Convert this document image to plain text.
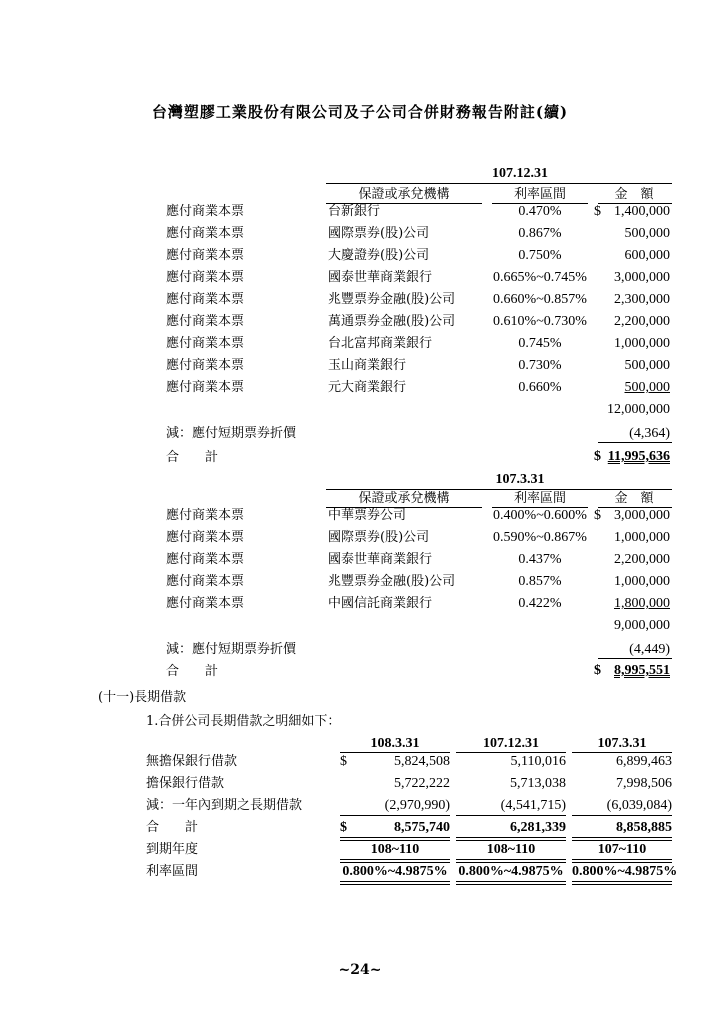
台灣塑膠工業股份有限公司及子公司合併財務報告附註(續)
107.12.31
保證或承兌機構	利率區間	金　額
應付商業本票	台新銀行	0.470%	$ 1,400,000
應付商業本票	國際票券(股)公司	0.867%	500,000
應付商業本票	大慶證券(股)公司	0.750%	600,000
應付商業本票	國泰世華商業銀行	0.665%~0.745%	3,000,000
應付商業本票	兆豐票券金融(股)公司	0.660%~0.857%	2,300,000
應付商業本票	萬通票券金融(股)公司	0.610%~0.730%	2,200,000
應付商業本票	台北富邦商業銀行	0.745%	1,000,000
應付商業本票	玉山商業銀行	0.730%	500,000
應付商業本票	元大商業銀行	0.660%	500,000
12,000,000
減：應付短期票券折價	(4,364)
合　　計	$ 11,995,636
107.3.31
保證或承兌機構	利率區間	金　額
應付商業本票	中華票券公司	0.400%~0.600% $ 3,000,000
應付商業本票	國際票券(股)公司	0.590%~0.867%	1,000,000
應付商業本票	國泰世華商業銀行	0.437%	2,200,000
應付商業本票	兆豐票券金融(股)公司	0.857%	1,000,000
應付商業本票	中國信託商業銀行	0.422%	1,800,000
9,000,000
減：應付短期票券折價	(4,449)
合　　計	$ 8,995,551
(十一)長期借款
1.合併公司長期借款之明細如下：
108.3.31	107.12.31	107.3.31
無擔保銀行借款	$	5,824,508	5,110,016	6,899,463
擔保銀行借款	5,722,222	5,713,038	7,998,506
減：一年內到期之長期借款	(2,970,990)	(4,541,715)	(6,039,084)
合　　計	$	8,575,740	6,281,339	8,858,885
到期年度	108~110	108~110	107~110
利率區間	0.800%~4.9875% 0.800%~4.9875% 0.800%~4.9875%
~24~
